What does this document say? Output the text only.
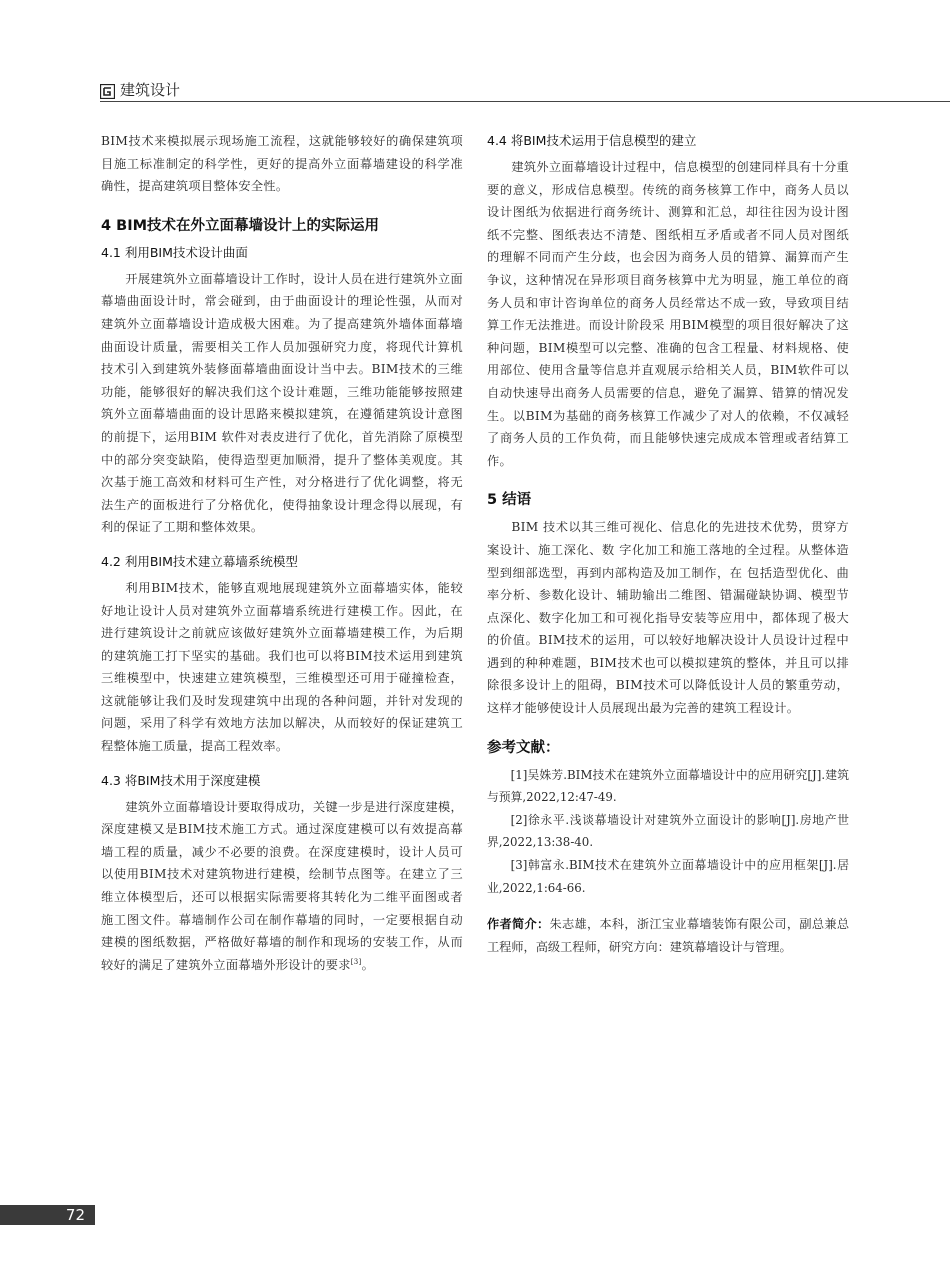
建筑设计

BIM技术来模拟展示现场施工流程，这就能够较好的确保建筑项目施工标准制定的科学性，更好的提高外立面幕墙建设的科学准确性，提高建筑项目整体安全性。

4 BIM技术在外立面幕墙设计上的实际运用
4.1 利用BIM技术设计曲面

开展建筑外立面幕墙设计工作时，设计人员在进行建筑外立面幕墙曲面设计时，常会碰到，由于曲面设计的理论性强，从而对建筑外立面幕墙设计造成极大困难。为了提高建筑外墙体面幕墙曲面设计质量，需要相关工作人员加强研究力度，将现代计算机技术引入到建筑外装修面幕墙曲面设计当中去。BIM技术的三维功能，能够很好的解决我们这个设计难题，三维功能能够按照建筑外立面幕墙曲面的设计思路来模拟建筑，在遵循建筑设计意图的前提下，运用BIM 软件对表皮进行了优化，首先消除了原模型中的部分突变缺陷，使得造型更加顺滑，提升了整体美观度。其次基于施工高效和材料可生产性，对分格进行了优化调整，将无法生产的面板进行了分格优化，使得抽象设计理念得以展现，有利的保证了工期和整体效果。

4.2 利用BIM技术建立幕墙系统模型

利用BIM技术，能够直观地展现建筑外立面幕墙实体，能较好地让设计人员对建筑外立面幕墙系统进行建模工作。因此，在进行建筑设计之前就应该做好建筑外立面幕墙建模工作，为后期的建筑施工打下坚实的基础。我们也可以将BIM技术运用到建筑三维模型中，快速建立建筑模型，三维模型还可用于碰撞检查，这就能够让我们及时发现建筑中出现的各种问题，并针对发现的问题，采用了科学有效地方法加以解决，从而较好的保证建筑工程整体施工质量，提高工程效率。

4.3 将BIM技术用于深度建模

建筑外立面幕墙设计要取得成功，关键一步是进行深度建模，深度建模又是BIM技术施工方式。通过深度建模可以有效提高幕墙工程的质量，减少不必要的浪费。在深度建模时，设计人员可以使用BIM技术对建筑物进行建模，绘制节点图等。在建立了三维立体模型后，还可以根据实际需要将其转化为二维平面图或者施工图文件。幕墙制作公司在制作幕墙的同时，一定要根据自动建模的图纸数据，严格做好幕墙的制作和现场的安装工作，从而较好的满足了建筑外立面幕墙外形设计的要求[3]。

4.4 将BIM技术运用于信息模型的建立

建筑外立面幕墙设计过程中，信息模型的创建同样具有十分重要的意义，形成信息模型。传统的商务核算工作中，商务人员以设计图纸为依据进行商务统计、测算和汇总，却往往因为设计图纸不完整、图纸表达不清楚、图纸相互矛盾或者不同人员对图纸的理解不同而产生分歧，也会因为商务人员的错算、漏算而产生争议，这种情况在异形项目商务核算中尤为明显，施工单位的商务人员和审计咨询单位的商务人员经常达不成一致，导致项目结算工作无法推进。而设计阶段采 用BIM模型的项目很好解决了这种问题，BIM模型可以完整、准确的包含工程量、材料规格、使用部位、使用含量等信息并直观展示给相关人员，BIM软件可以自动快速导出商务人员需要的信息，避免了漏算、错算的情况发生。以BIM为基础的商务核算工作减少了对人的依赖，不仅减轻了商务人员的工作负荷，而且能够快速完成成本管理或者结算工作。

5 结语

BIM 技术以其三维可视化、信息化的先进技术优势，贯穿方案设计、施工深化、数 字化加工和施工落地的全过程。从整体造型到细部选型，再到内部构造及加工制作，在 包括造型优化、曲率分析、参数化设计、辅助输出二维图、错漏碰缺协调、模型节点深化、数字化加工和可视化指导安装等应用中，都体现了极大的价值。BIM技术的运用，可以较好地解决设计人员设计过程中遇到的种种难题，BIM技术也可以模拟建筑的整体，并且可以排除很多设计上的阻碍，BIM技术可以降低设计人员的繁重劳动，这样才能够使设计人员展现出最为完善的建筑工程设计。

参考文献：

[1]吴姝芳.BIM技术在建筑外立面幕墙设计中的应用研究[J].建筑与预算,2022,12:47-49.

[2]徐永平.浅谈幕墙设计对建筑外立面设计的影响[J].房地产世界,2022,13:38-40.

[3]韩富永.BIM技术在建筑外立面幕墙设计中的应用框架[J].居业,2022,1:64-66.

作者简介：朱志雄，本科，浙江宝业幕墙装饰有限公司，副总兼总工程师，高级工程师，研究方向：建筑幕墙设计与管理。

72
